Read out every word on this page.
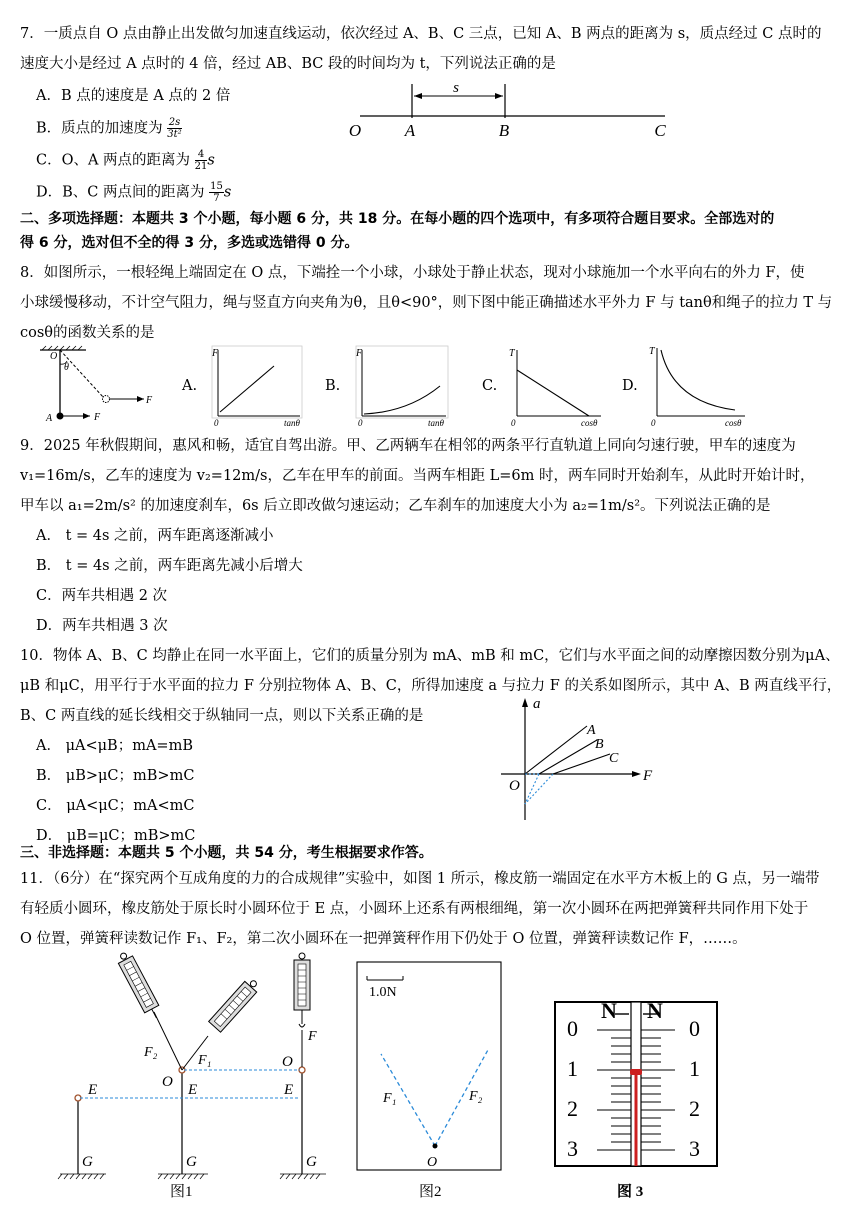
7．一质点自 O 点由静止出发做匀加速直线运动，依次经过 A、B、C 三点，已知 A、B 两点的距离为 s，质点经过 C 点时的
速度大小是经过 A 点时的 4 倍，经过 AB、BC 段的时间均为 t，下列说法正确的是
A．B 点的速度是 A 点的 2 倍
B．质点的加速度为 $\frac{2s}{\text{3t²}}$
C．O、A 两点的距离为 $\frac{4}{21}$ s
D．B、C 两点间的距离为 $\frac{15}{7}$ s
s
O	A	B	C
二、多项选择题：本题共 3 个小题，每小题 6 分，共 18 分。在每小题的四个选项中，有多项符合题目要求。全部选对的
得 6 分，选对但不全的得 3 分，多选或选错得 0 分。
8．如图所示，一根轻绳上端固定在 O 点，下端拴一个小球，小球处于静止状态，现对小球施加一个水平向右的外力 F，使
小球缓慢移动，不计空气阻力，绳与竖直方向夹角为θ，且θ<90°，则下图中能正确描述水平外力 F 与 tanθ和绳子的拉力 T 与
cosθ的函数关系的是
O
θ
A
F
F
A.
F
tanθ
0
B.
F
tanθ
0
C.
T
cosθ
0
D.
T
cosθ
0
9．2025 年秋假期间，惠风和畅，适宜自驾出游。甲、乙两辆车在相邻的两条平行直轨道上同向匀速行驶，甲车的速度为
v₁=16m/s，乙车的速度为 v₂=12m/s，乙车在甲车的前面。当两车相距 L=6m 时，两车同时开始刹车，从此时开始计时，
甲车以 a₁=2m/s² 的加速度刹车，6s 后立即改做匀速运动；乙车刹车的加速度大小为 a₂=1m/s²。下列说法正确的是
A． t = 4s 之前，两车距离逐渐减小
B． t = 4s 之前，两车距离先减小后增大
C．两车共相遇 2 次
D．两车共相遇 3 次
10．物体 A、B、C 均静止在同一水平面上，它们的质量分别为 mA、mB 和 mC，它们与水平面之间的动摩擦因数分别为μA、
μB 和μC，用平行于水平面的拉力 F 分别拉物体 A、B、C，所得加速度 a 与拉力 F 的关系如图所示，其中 A、B 两直线平行，
B、C 两直线的延长线相交于纵轴同一点，则以下关系正确的是
A． μA<μB；mA=mB
B． μB>μC；mB>mC
C． μA<μC；mA<mC
D． μB=μC；mB>mC
a
F
O
A
B
C
三、非选择题：本题共 5 个小题，共 54 分，考生根据要求作答。
11．（6分）在“探究两个互成角度的力的合成规律”实验中，如图 1 所示，橡皮筋一端固定在水平方木板上的 G 点，另一端带
有轻质小圆环，橡皮筋处于原长时小圆环位于 E 点，小圆环上还系有两根细绳，第一次小圆环在两把弹簧秤共同作用下处于
O 位置，弹簧秤读数记作 F₁、F₂，第二次小圆环在一把弹簧秤作用下仍处于 O 位置，弹簧秤读数记作 F，……。
E	E	E
O
O
F₂
F₁
F
G	G	G
图1
1.0N
F₁	F₂
O
图2
N N
0
1
2
3
0
1
2
3
图 3
